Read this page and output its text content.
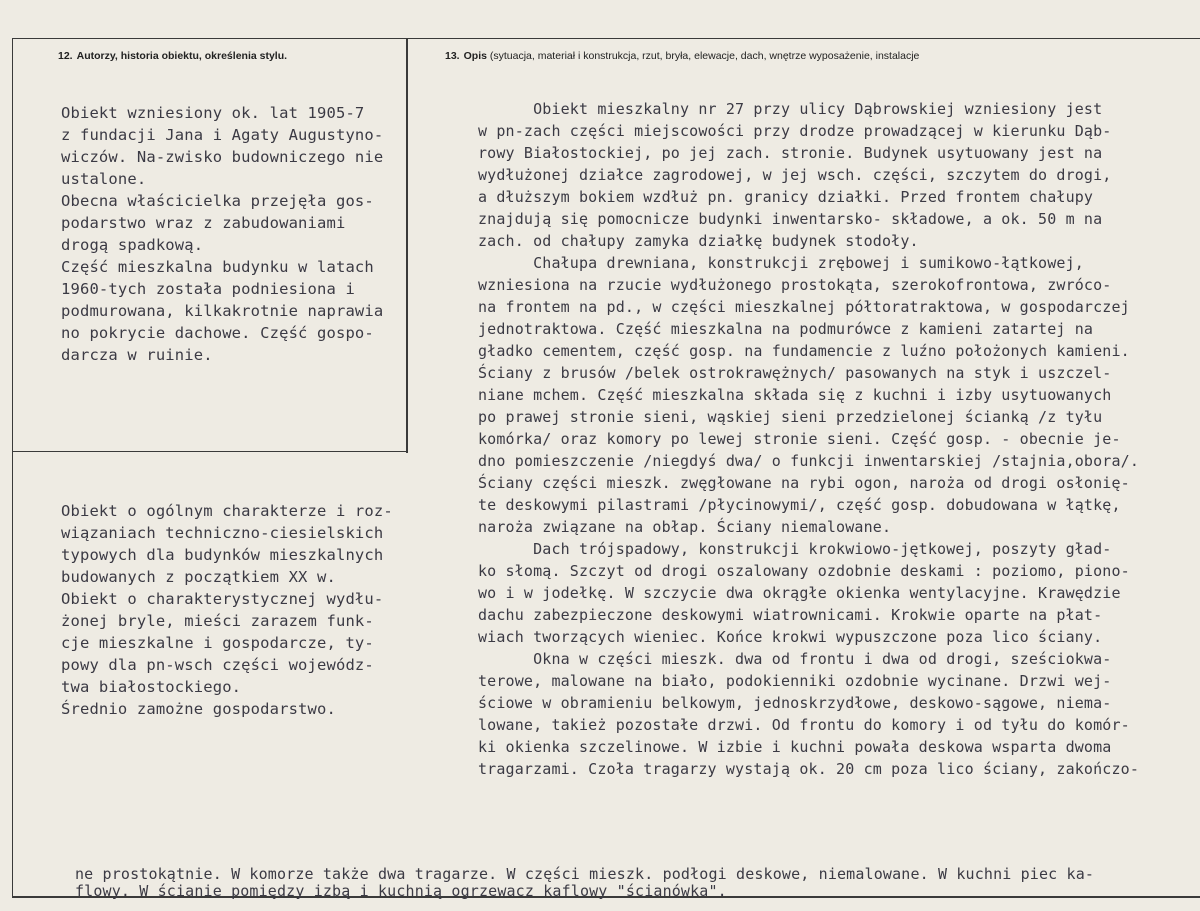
12. Autorzy, historia obiektu, określenia stylu.	13. Opis (sytuacja, materiał i konstrukcja, rzut, bryła, elewacje, dach, wnętrze wyposażenie, instalacje
Obiekt wzniesiony ok. lat 1905-7
z fundacji Jana i Agaty Augustyno-
wiczów. Na-zwisko budowniczego nie
ustalone.
Obecna właścicielka przejęła gos-
podarstwo wraz z zabudowaniami
drogą spadkową.
Część mieszkalna budynku w latach
1960-tych została podniesiona i
podmurowana, kilkakrotnie naprawia
no pokrycie dachowe. Część gospo-
darcza w ruinie.
Obiekt o ogólnym charakterze i roz-
wiązaniach techniczno-ciesielskich
typowych dla budynków mieszkalnych
budowanych z początkiem XX w.
Obiekt o charakterystycznej wydłu-
żonej bryle, mieści zarazem funk-
cje mieszkalne i gospodarcze, ty-
powy dla pn-wsch części wojewódz-
twa białostockiego.
Średnio zamożne gospodarstwo.
Obiekt mieszkalny nr 27 przy ulicy Dąbrowskiej wzniesiony jest
w pn-zach części miejscowości przy drodze prowadzącej w kierunku Dąb-
rowy Białostockiej, po jej zach. stronie. Budynek usytuowany jest na
wydłużonej działce zagrodowej, w jej wsch. części, szczytem do drogi,
a dłuższym bokiem wzdłuż pn. granicy działki. Przed frontem chałupy
znajdują się pomocnicze budynki inwentarsko- składowe, a ok. 50 m na
zach. od chałupy zamyka działkę budynek stodoły.
Chałupa drewniana, konstrukcji zrębowej i sumikowo-łątkowej,
wzniesiona na rzucie wydłużonego prostokąta, szerokofrontowa, zwróco-
na frontem na pd., w części mieszkalnej półtoratraktowa, w gospodarczej
jednotraktowa. Część mieszkalna na podmurówce z kamieni zatartej na
gładko cementem, część gosp. na fundamencie z luźno położonych kamieni.
Ściany z brusów /belek ostrokrawężnych/ pasowanych na styk i uszczel-
niane mchem. Część mieszkalna składa się z kuchni i izby usytuowanych
po prawej stronie sieni, wąskiej sieni przedzielonej ścianką /z tyłu
komórka/ oraz komory po lewej stronie sieni. Część gosp. - obecnie je-
dno pomieszczenie /niegdyś dwa/ o funkcji inwentarskiej /stajnia,obora/.
Ściany części mieszk. zwęgłowane na rybi ogon, naroża od drogi osłonię-
te deskowymi pilastrami /płycinowymi/, część gosp. dobudowana w łątkę,
naroża związane na obłap. Ściany niemalowane.
Dach trójspadowy, konstrukcji krokwiowo-jętkowej, poszyty gład-
ko słomą. Szczyt od drogi oszalowany ozdobnie deskami : poziomo, piono-
wo i w jodełkę. W szczycie dwa okrągłe okienka wentylacyjne. Krawędzie
dachu zabezpieczone deskowymi wiatrownicami. Krokwie oparte na płat-
wiach tworzących wieniec. Końce krokwi wypuszczone poza lico ściany.
Okna w części mieszk. dwa od frontu i dwa od drogi, sześciokwa-
terowe, malowane na biało, podokienniki ozdobnie wycinane. Drzwi wej-
ściowe w obramieniu belkowym, jednoskrzydłowe, deskowo-sągowe, niema-
lowane, takież pozostałe drzwi. Od frontu do komory i od tyłu do komór-
ki okienka szczelinowe. W izbie i kuchni powała deskowa wsparta dwoma
tragarzami. Czoła tragarzy wystają ok. 20 cm poza lico ściany, zakończo-
ne prostokątnie. W komorze także dwa tragarze. W części mieszk. podłogi deskowe, niemalowane. W kuchni piec ka-
flowy. W ścianie pomiędzy izbą i kuchnią ogrzewacz kaflowy "ścianówka".
